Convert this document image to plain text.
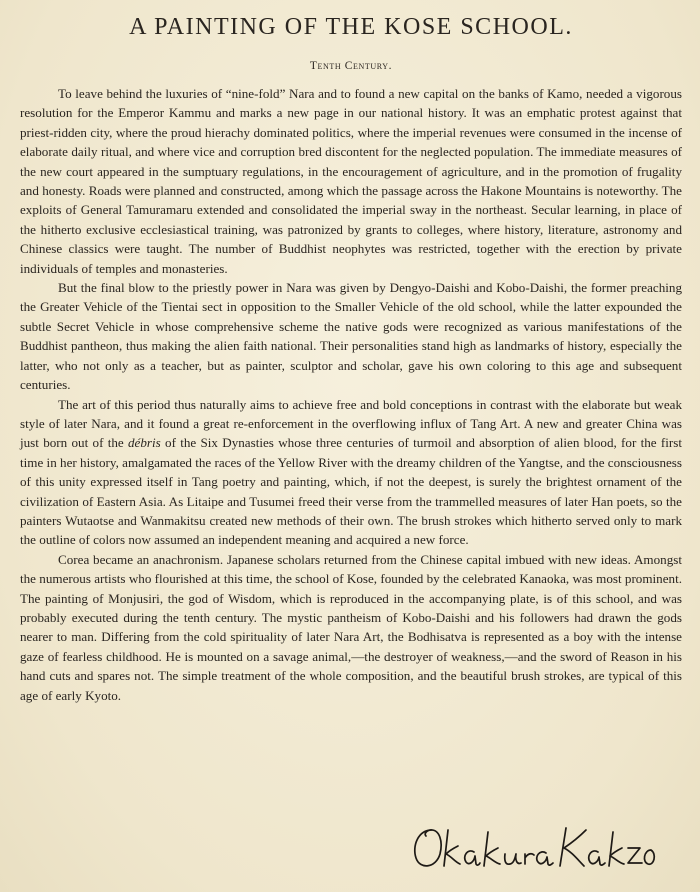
A PAINTING OF THE KOSE SCHOOL.
Tenth Century.

To leave behind the luxuries of “nine-fold” Nara and to found a new capital on the banks of Kamo, needed a vigorous resolution for the Emperor Kammu and marks a new page in our national history. It was an emphatic protest against that priest-ridden city, where the proud hierachy dominated politics, where the imperial revenues were consumed in the incense of elaborate daily ritual, and where vice and corruption bred discontent for the neglected population. The immediate measures of the new court appeared in the sumptuary regulations, in the encouragement of agriculture, and in the promotion of frugality and honesty. Roads were planned and constructed, among which the passage across the Hakone Mountains is noteworthy. The exploits of General Tamuramaru extended and consolidated the imperial sway in the northeast. Secular learning, in place of the hitherto exclusive ecclesiastical training, was patronized by grants to colleges, where history, literature, astronomy and Chinese classics were taught. The number of Buddhist neophytes was restricted, together with the erection by private individuals of temples and monasteries.

But the final blow to the priestly power in Nara was given by Dengyo-Daishi and Kobo-Daishi, the former preaching the Greater Vehicle of the Tientai sect in opposition to the Smaller Vehicle of the old school, while the latter expounded the subtle Secret Vehicle in whose comprehensive scheme the native gods were recognized as various manifestations of the Buddhist pantheon, thus making the alien faith national. Their personalities stand high as landmarks of history, especially the latter, who not only as a teacher, but as painter, sculptor and scholar, gave his own coloring to this age and subsequent centuries.

The art of this period thus naturally aims to achieve free and bold conceptions in contrast with the elaborate but weak style of later Nara, and it found a great re-enforcement in the overflowing influx of Tang Art. A new and greater China was just born out of the débris of the Six Dynasties whose three centuries of turmoil and absorption of alien blood, for the first time in her history, amalgamated the races of the Yellow River with the dreamy children of the Yangtse, and the consciousness of this unity expressed itself in Tang poetry and painting, which, if not the deepest, is surely the brightest ornament of the civilization of Eastern Asia. As Litaipe and Tusumei freed their verse from the trammelled measures of later Han poets, so the painters Wutaotse and Wanmakitsu created new methods of their own. The brush strokes which hitherto served only to mark the outline of colors now assumed an independent meaning and acquired a new force.

Corea became an anachronism. Japanese scholars returned from the Chinese capital imbued with new ideas. Amongst the numerous artists who flourished at this time, the school of Kose, founded by the celebrated Kanaoka, was most prominent. The painting of Monjusiri, the god of Wisdom, which is reproduced in the accompanying plate, is of this school, and was probably executed during the tenth century. The mystic pantheism of Kobo-Daishi and his followers had drawn the gods nearer to man. Differing from the cold spirituality of later Nara Art, the Bodhisatva is represented as a boy with the intense gaze of fearless childhood. He is mounted on a savage animal,—the destroyer of weakness,—and the sword of Reason in his hand cuts and spares not. The simple treatment of the whole composition, and the beautiful brush strokes, are typical of this age of early Kyoto.
